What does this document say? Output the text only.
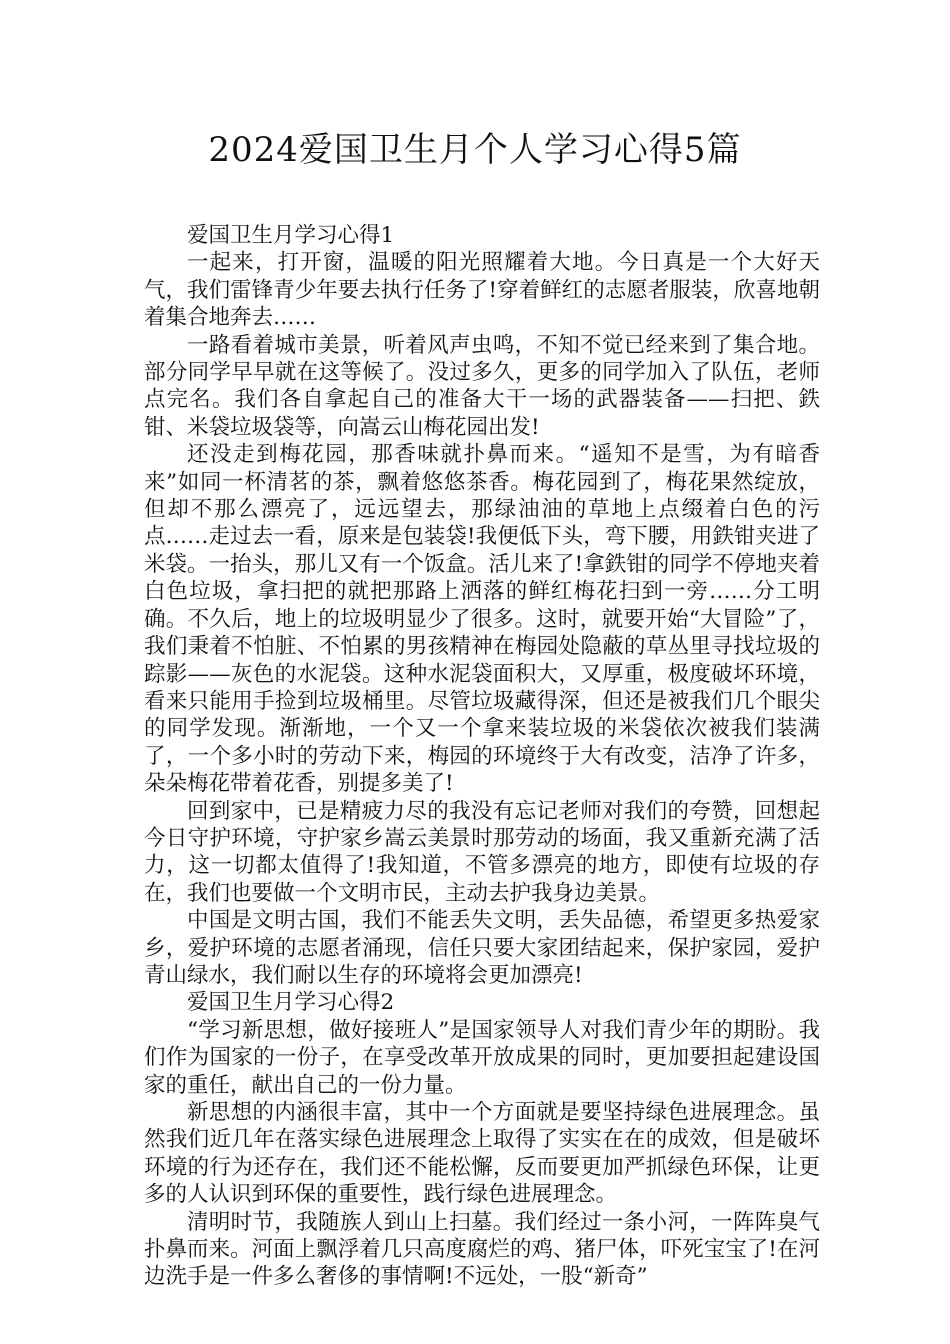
2024爱国卫生月个人学习心得5篇

爱国卫生月学习心得1

一起来，打开窗，温暖的阳光照耀着大地。今日真是一个大好天气，我们雷锋青少年要去执行任务了!穿着鲜红的志愿者服装，欣喜地朝着集合地奔去……

一路看着城市美景，听着风声虫鸣，不知不觉已经来到了集合地。部分同学早早就在这等候了。没过多久，更多的同学加入了队伍，老师点完名。我们各自拿起自己的准备大干一场的武器装备——扫把、鉄钳、米袋垃圾袋等，向嵩云山梅花园出发!

还没走到梅花园，那香味就扑鼻而来。“遥知不是雪，为有暗香来”如同一杯清茗的茶，飘着悠悠茶香。梅花园到了，梅花果然绽放，但却不那么漂亮了，远远望去，那绿油油的草地上点缀着白色的污点……走过去一看，原来是包装袋!我便低下头，弯下腰，用鉄钳夹进了米袋。一抬头，那儿又有一个饭盒。活儿来了!拿鉄钳的同学不停地夹着白色垃圾，拿扫把的就把那路上洒落的鲜红梅花扫到一旁……分工明确。不久后，地上的垃圾明显少了很多。这时，就要开始“大冒险”了，我们秉着不怕脏、不怕累的男孩精神在梅园处隐蔽的草丛里寻找垃圾的踪影——灰色的水泥袋。这种水泥袋面积大，又厚重，极度破坏环境，看来只能用手捡到垃圾桶里。尽管垃圾藏得深，但还是被我们几个眼尖的同学发现。渐渐地，一个又一个拿来装垃圾的米袋依次被我们装满了，一个多小时的劳动下来，梅园的环境终于大有改变，洁净了许多，朵朵梅花带着花香，别提多美了!

回到家中，已是精疲力尽的我没有忘记老师对我们的夸赞，回想起今日守护环境，守护家乡嵩云美景时那劳动的场面，我又重新充满了活力，这一切都太值得了!我知道，不管多漂亮的地方，即使有垃圾的存在，我们也要做一个文明市民，主动去护我身边美景。

中国是文明古国，我们不能丢失文明，丢失品德，希望更多热爱家乡，爱护环境的志愿者涌现，信任只要大家团结起来，保护家园，爱护青山绿水，我们耐以生存的环境将会更加漂亮!

爱国卫生月学习心得2

“学习新思想，做好接班人”是国家领导人对我们青少年的期盼。我们作为国家的一份子，在享受改革开放成果的同时，更加要担起建设国家的重任，献出自己的一份力量。

新思想的内涵很丰富，其中一个方面就是要坚持绿色进展理念。虽然我们近几年在落实绿色进展理念上取得了实实在在的成效，但是破坏环境的行为还存在，我们还不能松懈，反而要更加严抓绿色环保，让更多的人认识到环保的重要性，践行绿色进展理念。

清明时节，我随族人到山上扫墓。我们经过一条小河，一阵阵臭气扑鼻而来。河面上飘浮着几只高度腐烂的鸡、猪尸体，吓死宝宝了!在河边洗手是一件多么奢侈的事情啊!不远处，一股“新奇”
